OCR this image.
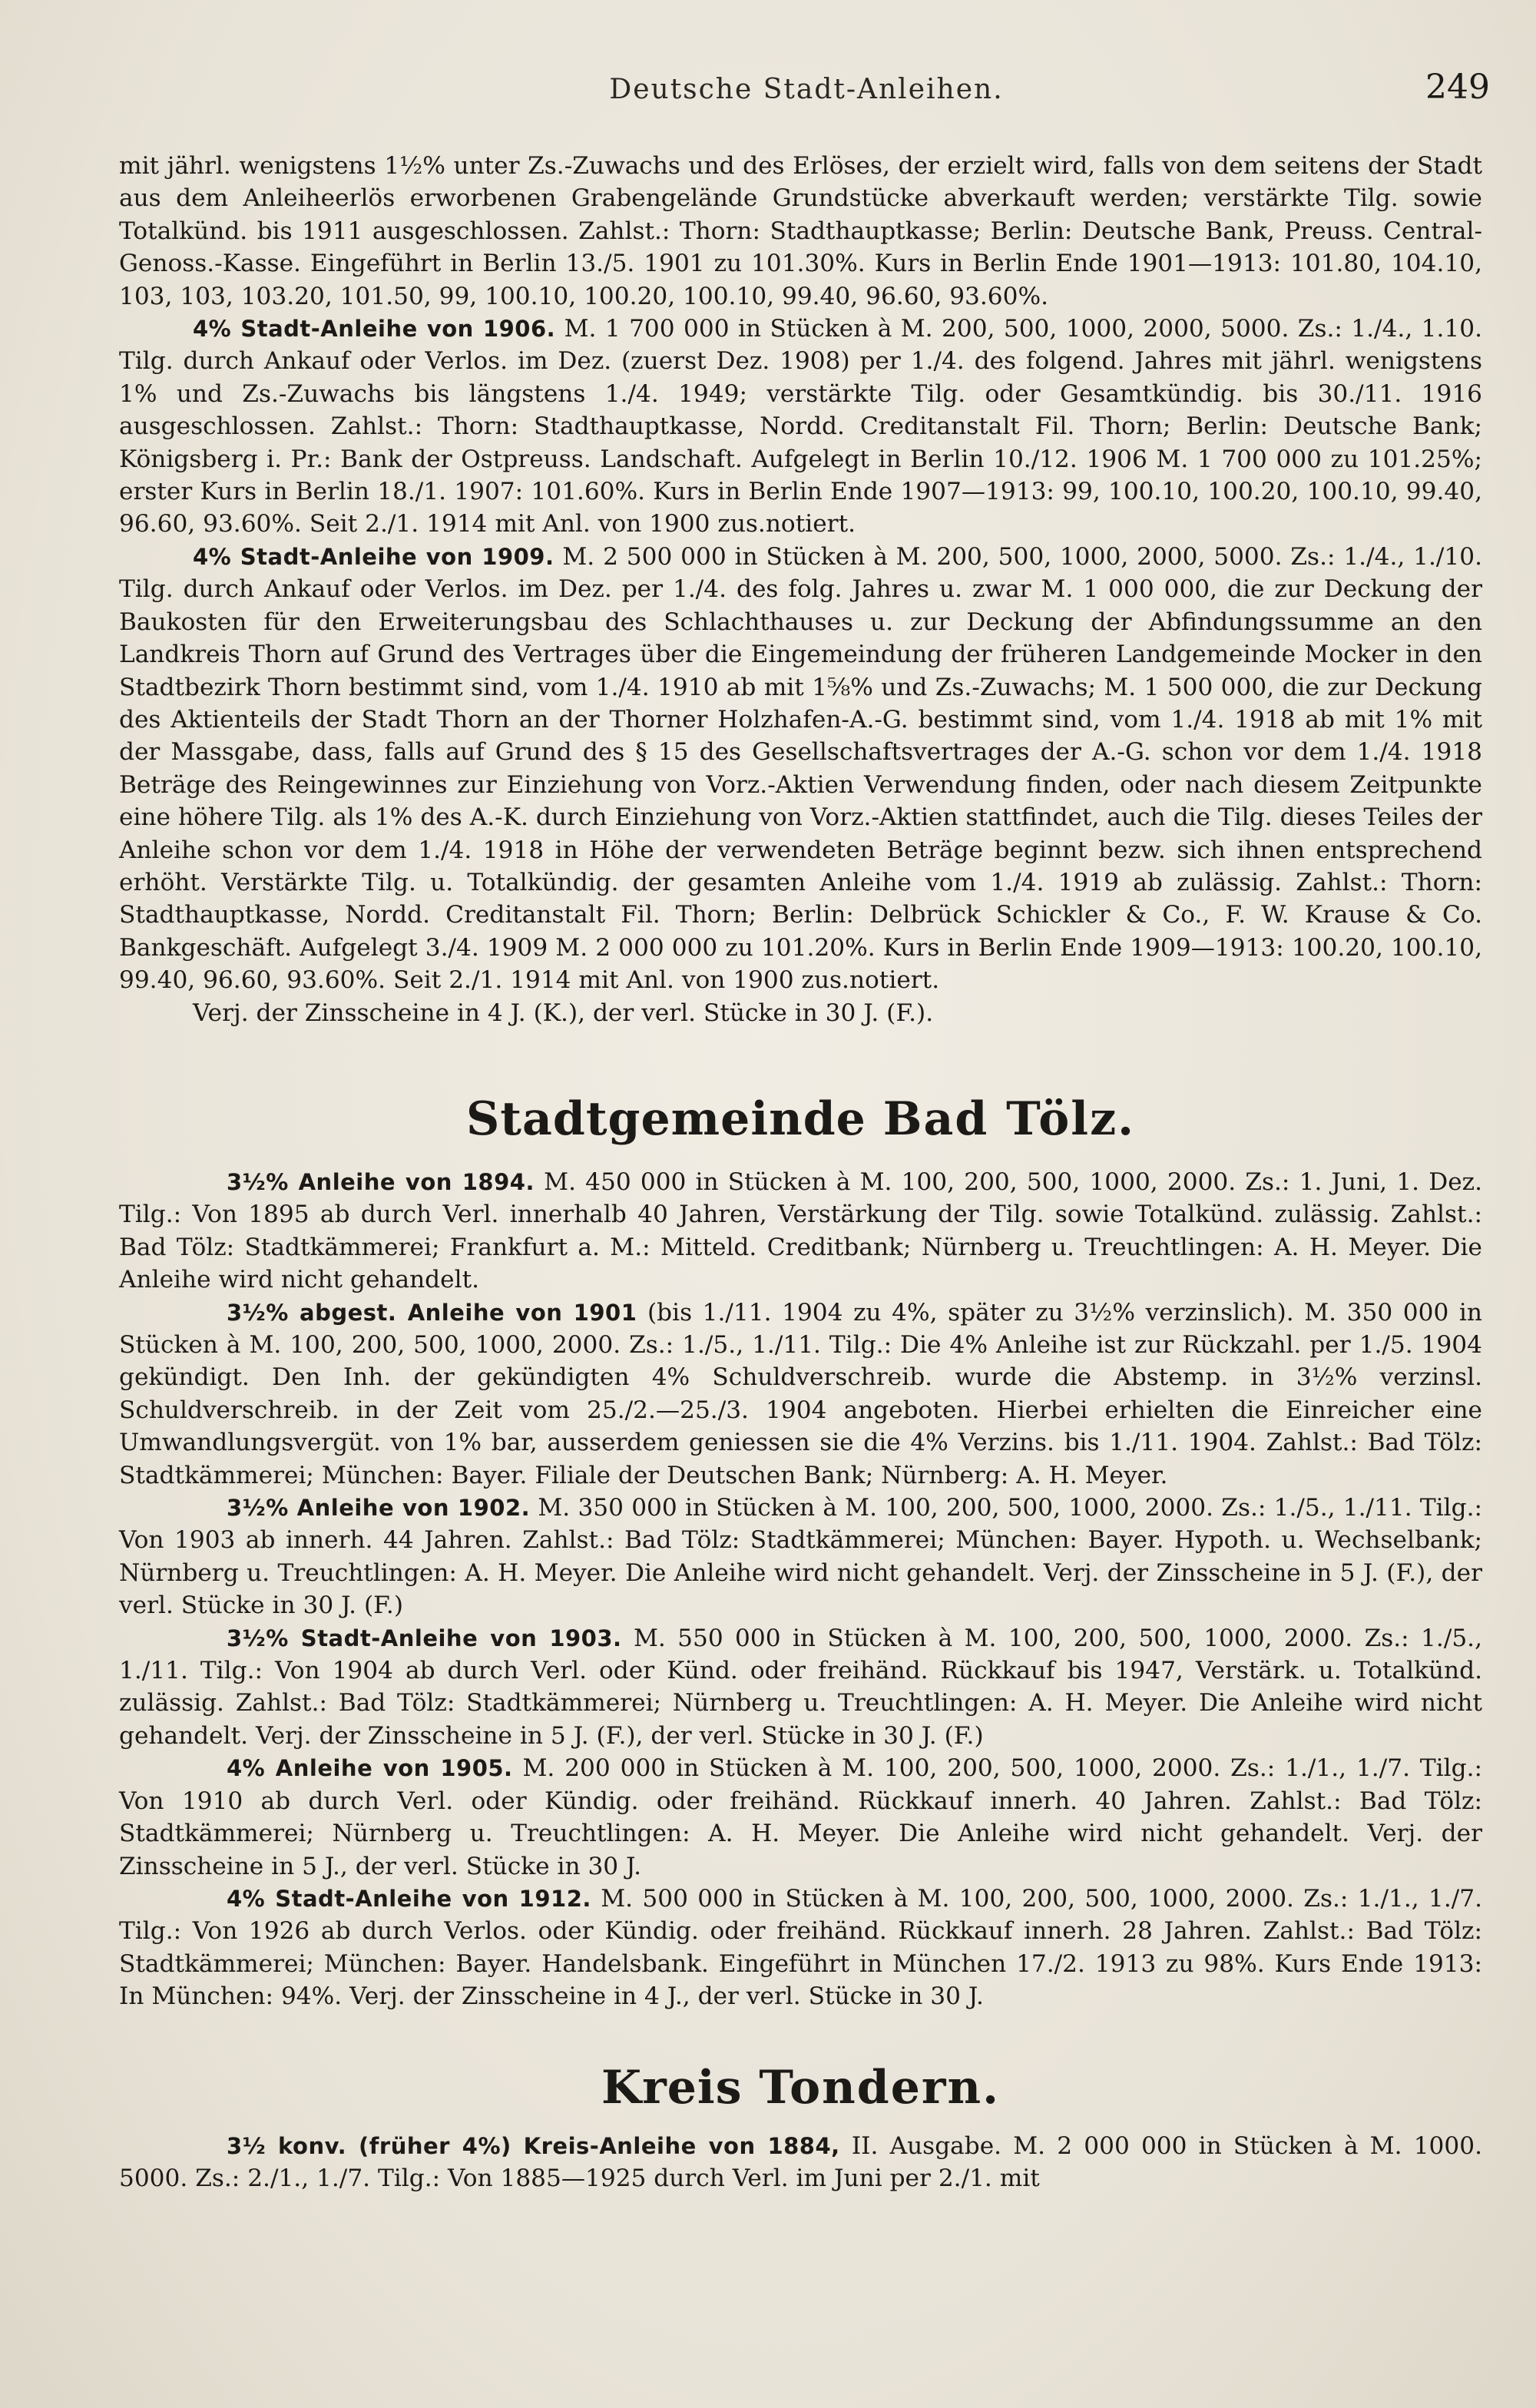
Deutsche Stadt-Anleihen.	249

mit jährl. wenigstens 1½% unter Zs.-Zuwachs und des Erlöses, der erzielt wird, falls von dem seitens der Stadt aus dem Anleiheerlös erworbenen Grabengelände Grundstücke abverkauft werden; verstärkte Tilg. sowie Totalkünd. bis 1911 ausgeschlossen. Zahlst.: Thorn: Stadthauptkasse; Berlin: Deutsche Bank, Preuss. Central-Genoss.-Kasse. Eingeführt in Berlin 13./5. 1901 zu 101.30%. Kurs in Berlin Ende 1901—1913: 101.80, 104.10, 103, 103, 103.20, 101.50, 99, 100.10, 100.20, 100.10, 99.40, 96.60, 93.60%.

4% Stadt-Anleihe von 1906. M. 1 700 000 in Stücken à M. 200, 500, 1000, 2000, 5000. Zs.: 1./4., 1.10. Tilg. durch Ankauf oder Verlos. im Dez. (zuerst Dez. 1908) per 1./4. des folgend. Jahres mit jährl. wenigstens 1% und Zs.-Zuwachs bis längstens 1./4. 1949; verstärkte Tilg. oder Gesamtkündig. bis 30./11. 1916 ausgeschlossen. Zahlst.: Thorn: Stadthauptkasse, Nordd. Creditanstalt Fil. Thorn; Berlin: Deutsche Bank; Königsberg i. Pr.: Bank der Ostpreuss. Landschaft. Aufgelegt in Berlin 10./12. 1906 M. 1 700 000 zu 101.25%; erster Kurs in Berlin 18./1. 1907: 101.60%. Kurs in Berlin Ende 1907—1913: 99, 100.10, 100.20, 100.10, 99.40, 96.60, 93.60%. Seit 2./1. 1914 mit Anl. von 1900 zus.notiert.

4% Stadt-Anleihe von 1909. M. 2 500 000 in Stücken à M. 200, 500, 1000, 2000, 5000. Zs.: 1./4., 1./10. Tilg. durch Ankauf oder Verlos. im Dez. per 1./4. des folg. Jahres u. zwar M. 1 000 000, die zur Deckung der Baukosten für den Erweiterungsbau des Schlachthauses u. zur Deckung der Abfindungssumme an den Landkreis Thorn auf Grund des Vertrages über die Eingemeindung der früheren Landgemeinde Mocker in den Stadtbezirk Thorn bestimmt sind, vom 1./4. 1910 ab mit 1⅝% und Zs.-Zuwachs; M. 1 500 000, die zur Deckung des Aktienteils der Stadt Thorn an der Thorner Holzhafen-A.-G. bestimmt sind, vom 1./4. 1918 ab mit 1% mit der Massgabe, dass, falls auf Grund des § 15 des Gesellschaftsvertrages der A.-G. schon vor dem 1./4. 1918 Beträge des Reingewinnes zur Einziehung von Vorz.-Aktien Verwendung finden, oder nach diesem Zeitpunkte eine höhere Tilg. als 1% des A.-K. durch Einziehung von Vorz.-Aktien stattfindet, auch die Tilg. dieses Teiles der Anleihe schon vor dem 1./4. 1918 in Höhe der verwendeten Beträge beginnt bezw. sich ihnen entsprechend erhöht. Verstärkte Tilg. u. Totalkündig. der gesamten Anleihe vom 1./4. 1919 ab zulässig. Zahlst.: Thorn: Stadthauptkasse, Nordd. Creditanstalt Fil. Thorn; Berlin: Delbrück Schickler & Co., F. W. Krause & Co. Bankgeschäft. Aufgelegt 3./4. 1909 M. 2 000 000 zu 101.20%. Kurs in Berlin Ende 1909—1913: 100.20, 100.10, 99.40, 96.60, 93.60%. Seit 2./1. 1914 mit Anl. von 1900 zus.notiert.

Verj. der Zinsscheine in 4 J. (K.), der verl. Stücke in 30 J. (F.).

Stadtgemeinde Bad Tölz.

3½% Anleihe von 1894. M. 450 000 in Stücken à M. 100, 200, 500, 1000, 2000. Zs.: 1. Juni, 1. Dez. Tilg.: Von 1895 ab durch Verl. innerhalb 40 Jahren, Verstärkung der Tilg. sowie Totalkünd. zulässig. Zahlst.: Bad Tölz: Stadtkämmerei; Frankfurt a. M.: Mitteld. Creditbank; Nürnberg u. Treuchtlingen: A. H. Meyer. Die Anleihe wird nicht gehandelt.

3½% abgest. Anleihe von 1901 (bis 1./11. 1904 zu 4%, später zu 3½% verzinslich). M. 350 000 in Stücken à M. 100, 200, 500, 1000, 2000. Zs.: 1./5., 1./11. Tilg.: Die 4% Anleihe ist zur Rückzahl. per 1./5. 1904 gekündigt. Den Inh. der gekündigten 4% Schuldverschreib. wurde die Abstemp. in 3½% verzinsl. Schuldverschreib. in der Zeit vom 25./2.—25./3. 1904 angeboten. Hierbei erhielten die Einreicher eine Umwandlungsvergüt. von 1% bar, ausserdem geniessen sie die 4% Verzins. bis 1./11. 1904. Zahlst.: Bad Tölz: Stadtkämmerei; München: Bayer. Filiale der Deutschen Bank; Nürnberg: A. H. Meyer.

3½% Anleihe von 1902. M. 350 000 in Stücken à M. 100, 200, 500, 1000, 2000. Zs.: 1./5., 1./11. Tilg.: Von 1903 ab innerh. 44 Jahren. Zahlst.: Bad Tölz: Stadtkämmerei; München: Bayer. Hypoth. u. Wechselbank; Nürnberg u. Treuchtlingen: A. H. Meyer. Die Anleihe wird nicht gehandelt. Verj. der Zinsscheine in 5 J. (F.), der verl. Stücke in 30 J. (F.)

3½% Stadt-Anleihe von 1903. M. 550 000 in Stücken à M. 100, 200, 500, 1000, 2000. Zs.: 1./5., 1./11. Tilg.: Von 1904 ab durch Verl. oder Künd. oder freihänd. Rückkauf bis 1947, Verstärk. u. Totalkünd. zulässig. Zahlst.: Bad Tölz: Stadtkämmerei; Nürnberg u. Treuchtlingen: A. H. Meyer. Die Anleihe wird nicht gehandelt. Verj. der Zinsscheine in 5 J. (F.), der verl. Stücke in 30 J. (F.)

4% Anleihe von 1905. M. 200 000 in Stücken à M. 100, 200, 500, 1000, 2000. Zs.: 1./1., 1./7. Tilg.: Von 1910 ab durch Verl. oder Kündig. oder freihänd. Rückkauf innerh. 40 Jahren. Zahlst.: Bad Tölz: Stadtkämmerei; Nürnberg u. Treuchtlingen: A. H. Meyer. Die Anleihe wird nicht gehandelt. Verj. der Zinsscheine in 5 J., der verl. Stücke in 30 J.

4% Stadt-Anleihe von 1912. M. 500 000 in Stücken à M. 100, 200, 500, 1000, 2000. Zs.: 1./1., 1./7. Tilg.: Von 1926 ab durch Verlos. oder Kündig. oder freihänd. Rückkauf innerh. 28 Jahren. Zahlst.: Bad Tölz: Stadtkämmerei; München: Bayer. Handelsbank. Eingeführt in München 17./2. 1913 zu 98%. Kurs Ende 1913: In München: 94%. Verj. der Zinsscheine in 4 J., der verl. Stücke in 30 J.

Kreis Tondern.

3½ konv. (früher 4%) Kreis-Anleihe von 1884, II. Ausgabe. M. 2 000 000 in Stücken à M. 1000. 5000. Zs.: 2./1., 1./7. Tilg.: Von 1885—1925 durch Verl. im Juni per 2./1. mit
